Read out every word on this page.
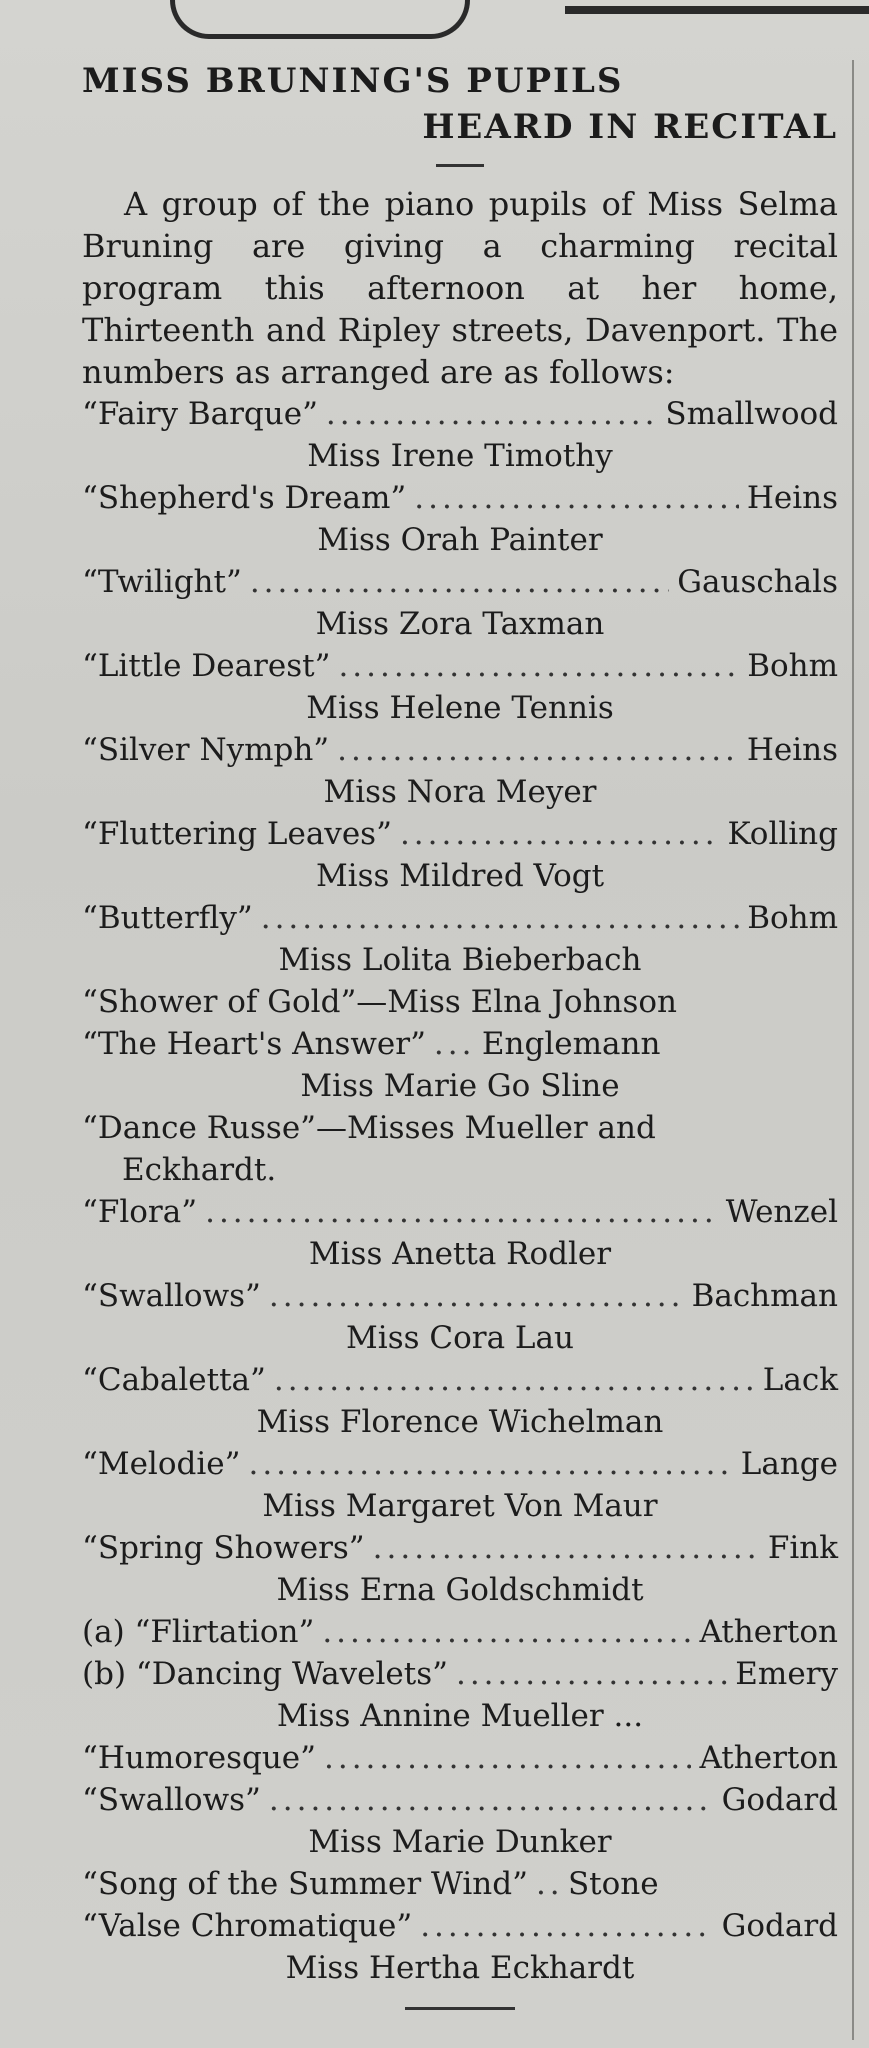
MISS BRUNING'S PUPILS
HEARD IN RECITAL
A group of the piano pupils of Miss Selma Bruning are giving a charming recital program this afternoon at her home, Thirteenth and Ripley streets, Davenport. The numbers as arranged are as follows:
“Fairy Barque” .....	Smallwood
Miss Irene Timothy
“Shepherd's Dream” .....	Heins
Miss Orah Painter
“Twilight” .....	Gauschals
Miss Zora Taxman
“Little Dearest” .....	Bohm
Miss Helene Tennis
“Silver Nymph” .....	Heins
Miss Nora Meyer
“Fluttering Leaves” .....	Kolling
Miss Mildred Vogt
“Butterfly” .....	Bohm
Miss Lolita Bieberbach
“Shower of Gold”—Miss Elna Johnson
“The Heart's Answer” ..... Englemann
Miss Marie Go Sline
“Dance Russe”—Misses Mueller and
Eckhardt.
“Flora” .....	Wenzel
Miss Anetta Rodler
“Swallows” .....	Bachman
Miss Cora Lau
“Cabaletta” .....	Lack
Miss Florence Wichelman
“Melodie” .....	Lange
Miss Margaret Von Maur
“Spring Showers” .....	Fink
Miss Erna Goldschmidt
(a) “Flirtation” .....	Atherton
(b) “Dancing Wavelets” .....	Emery
Miss Annine Mueller ...
“Humoresque” .....	Atherton
“Swallows” .....	Godard
Miss Marie Dunker
“Song of the Summer Wind” ..... Stone
“Valse Chromatique” .....	Godard
Miss Hertha Eckhardt
